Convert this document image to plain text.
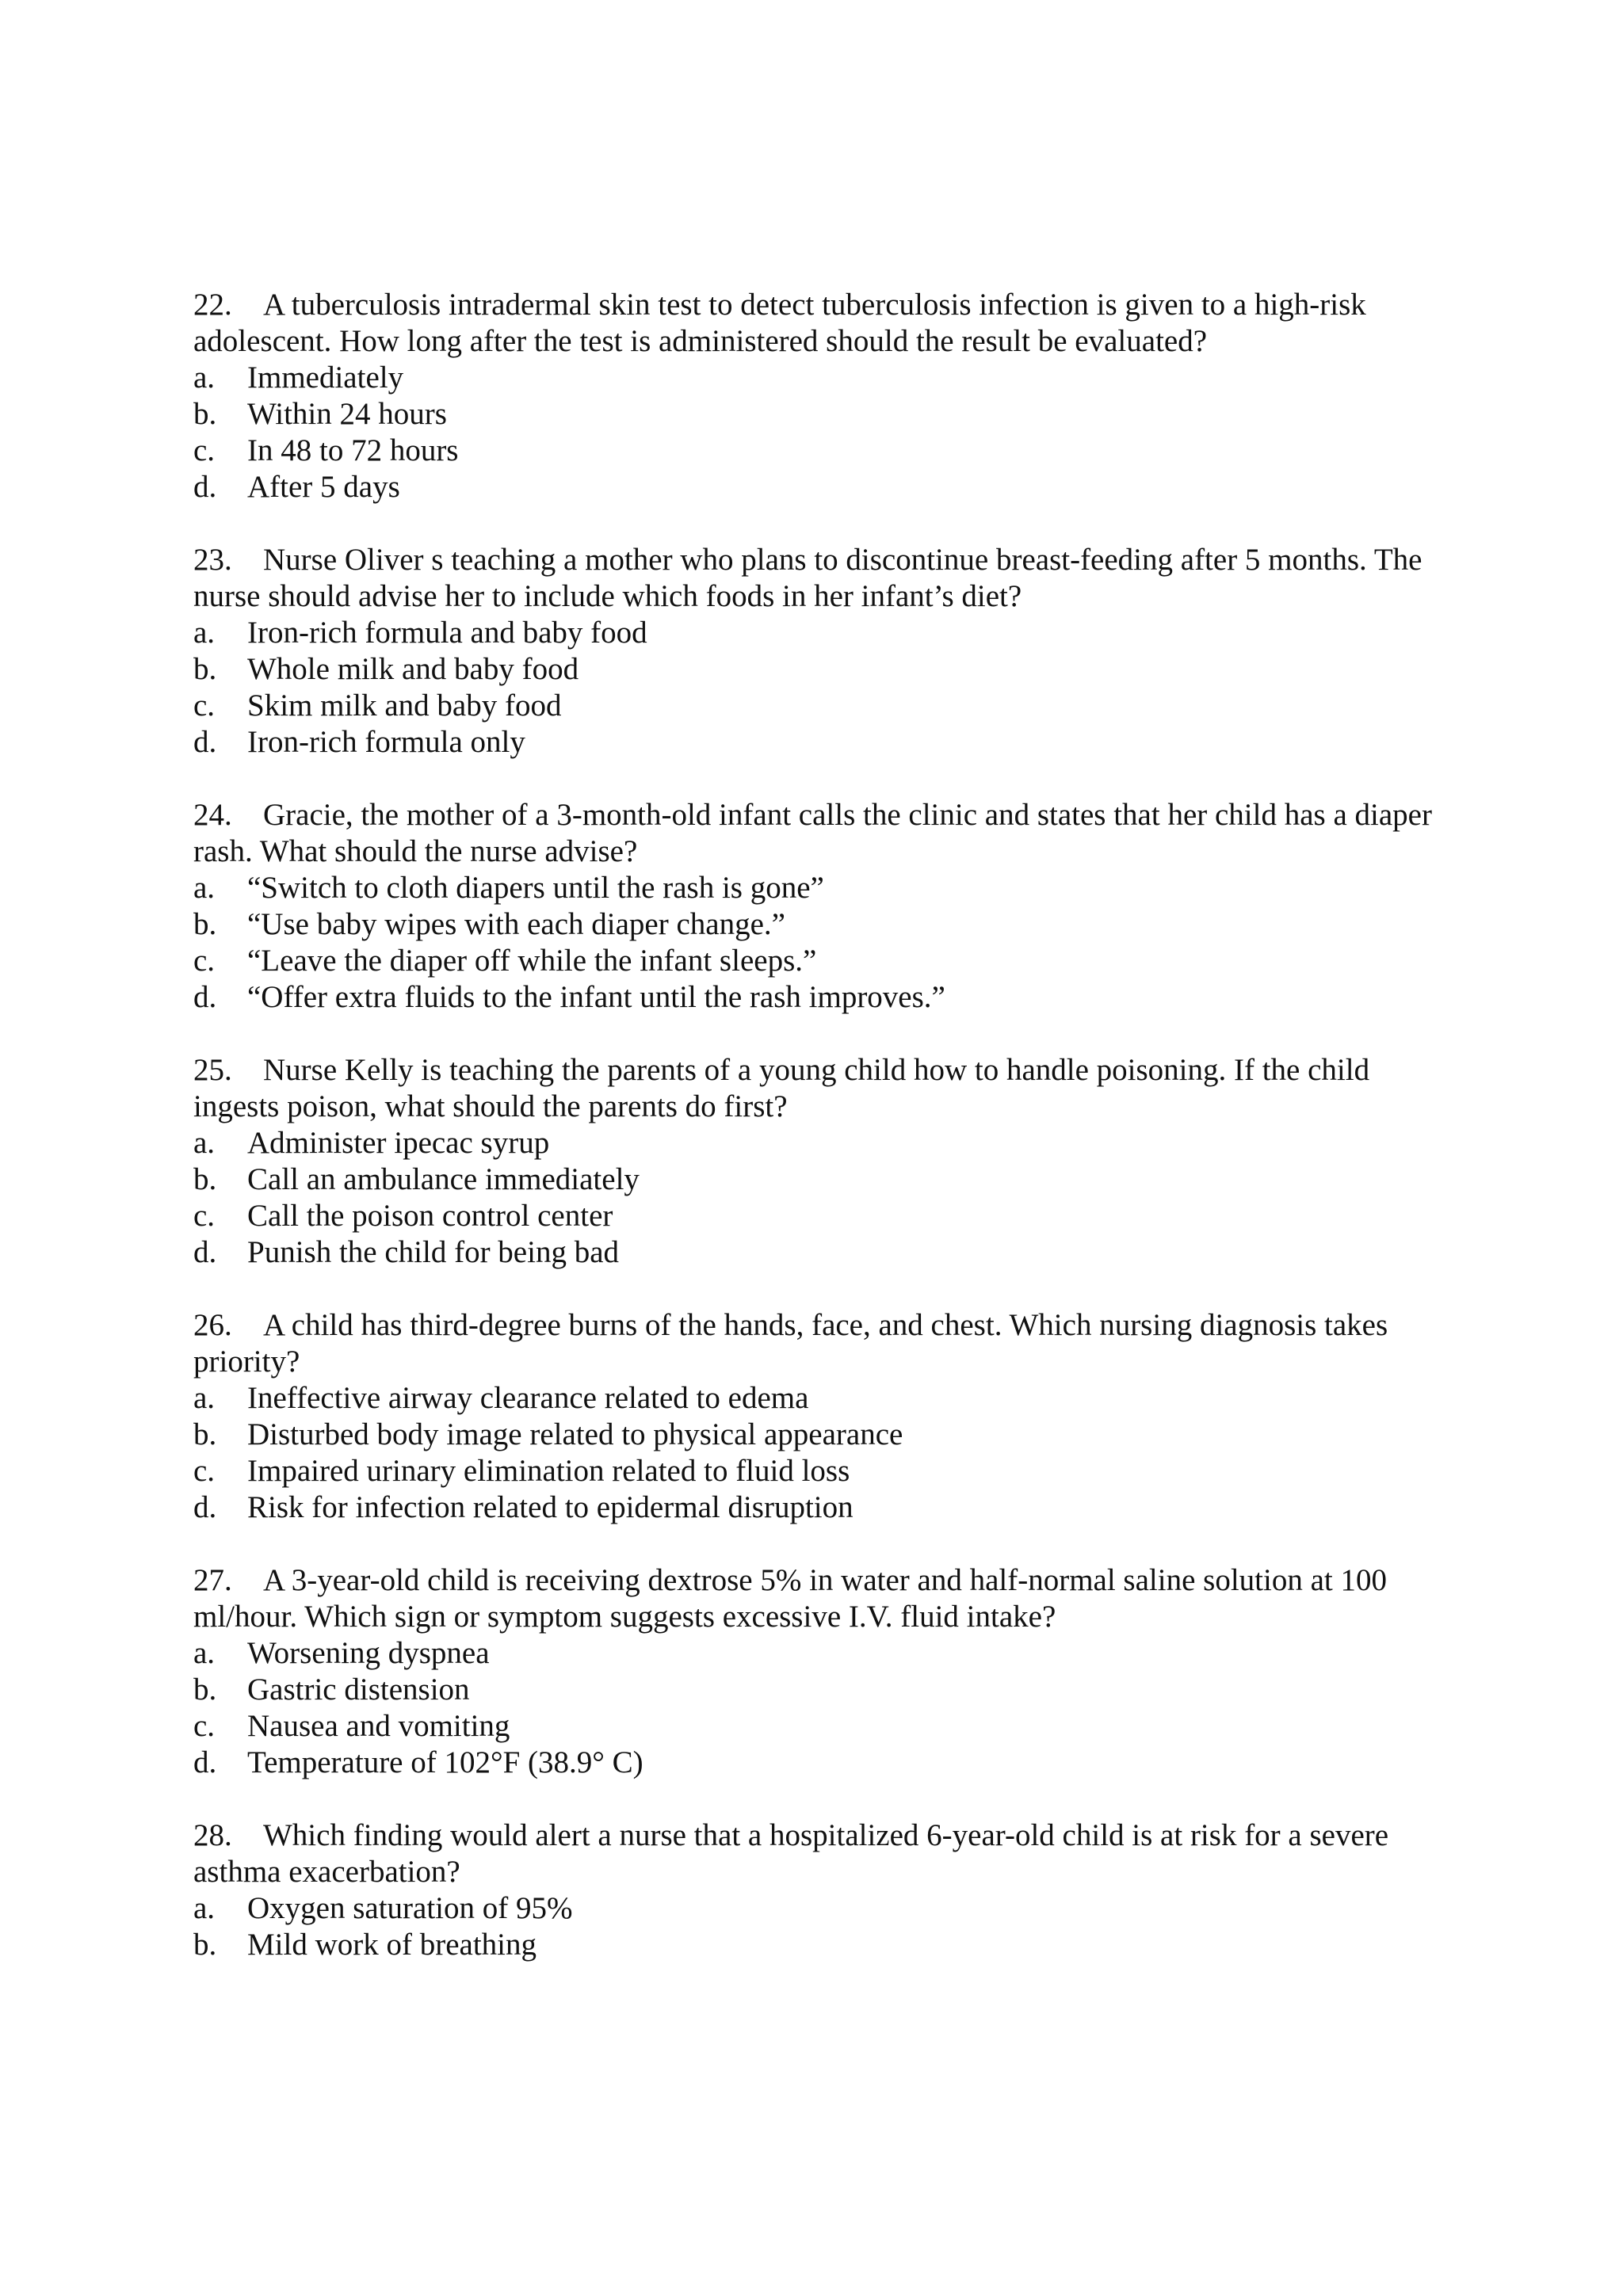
22. A tuberculosis intradermal skin test to detect tuberculosis infection is given to a high-risk adolescent. How long after the test is administered should the result be evaluated?

a.	Immediately
b. Within 24 hours
c.	In 48 to 72 hours
d. After 5 days

23. Nurse Oliver s teaching a mother who plans to discontinue breast-feeding after 5 months. The nurse should advise her to include which foods in her infant’s diet?

a.	Iron-rich formula and baby food
b. Whole milk and baby food
c.	Skim milk and baby food
d. Iron-rich formula only

24. Gracie, the mother of a 3-month-old infant calls the clinic and states that her child has a diaper rash. What should the nurse advise?

a.	“Switch to cloth diapers until the rash is gone”
b. “Use baby wipes with each diaper change.”
c.	“Leave the diaper off while the infant sleeps.”
d. “Offer extra fluids to the infant until the rash improves.”

25. Nurse Kelly is teaching the parents of a young child how to handle poisoning. If the child ingests poison, what should the parents do first?

a.	Administer ipecac syrup
b. Call an ambulance immediately
c.	Call the poison control center
d. Punish the child for being bad

26. A child has third-degree burns of the hands, face, and chest. Which nursing diagnosis takes priority?

a.	Ineffective airway clearance related to edema
b. Disturbed body image related to physical appearance
c.	Impaired urinary elimination related to fluid loss
d. Risk for infection related to epidermal disruption

27. A 3-year-old child is receiving dextrose 5% in water and half-normal saline solution at 100 ml/hour. Which sign or symptom suggests excessive I.V. fluid intake?

a.	Worsening dyspnea
b. Gastric distension
c.	Nausea and vomiting
d. Temperature of 102°F (38.9° C)

28. Which finding would alert a nurse that a hospitalized 6-year-old child is at risk for a severe asthma exacerbation?

a.	Oxygen saturation of 95%
b. Mild work of breathing
